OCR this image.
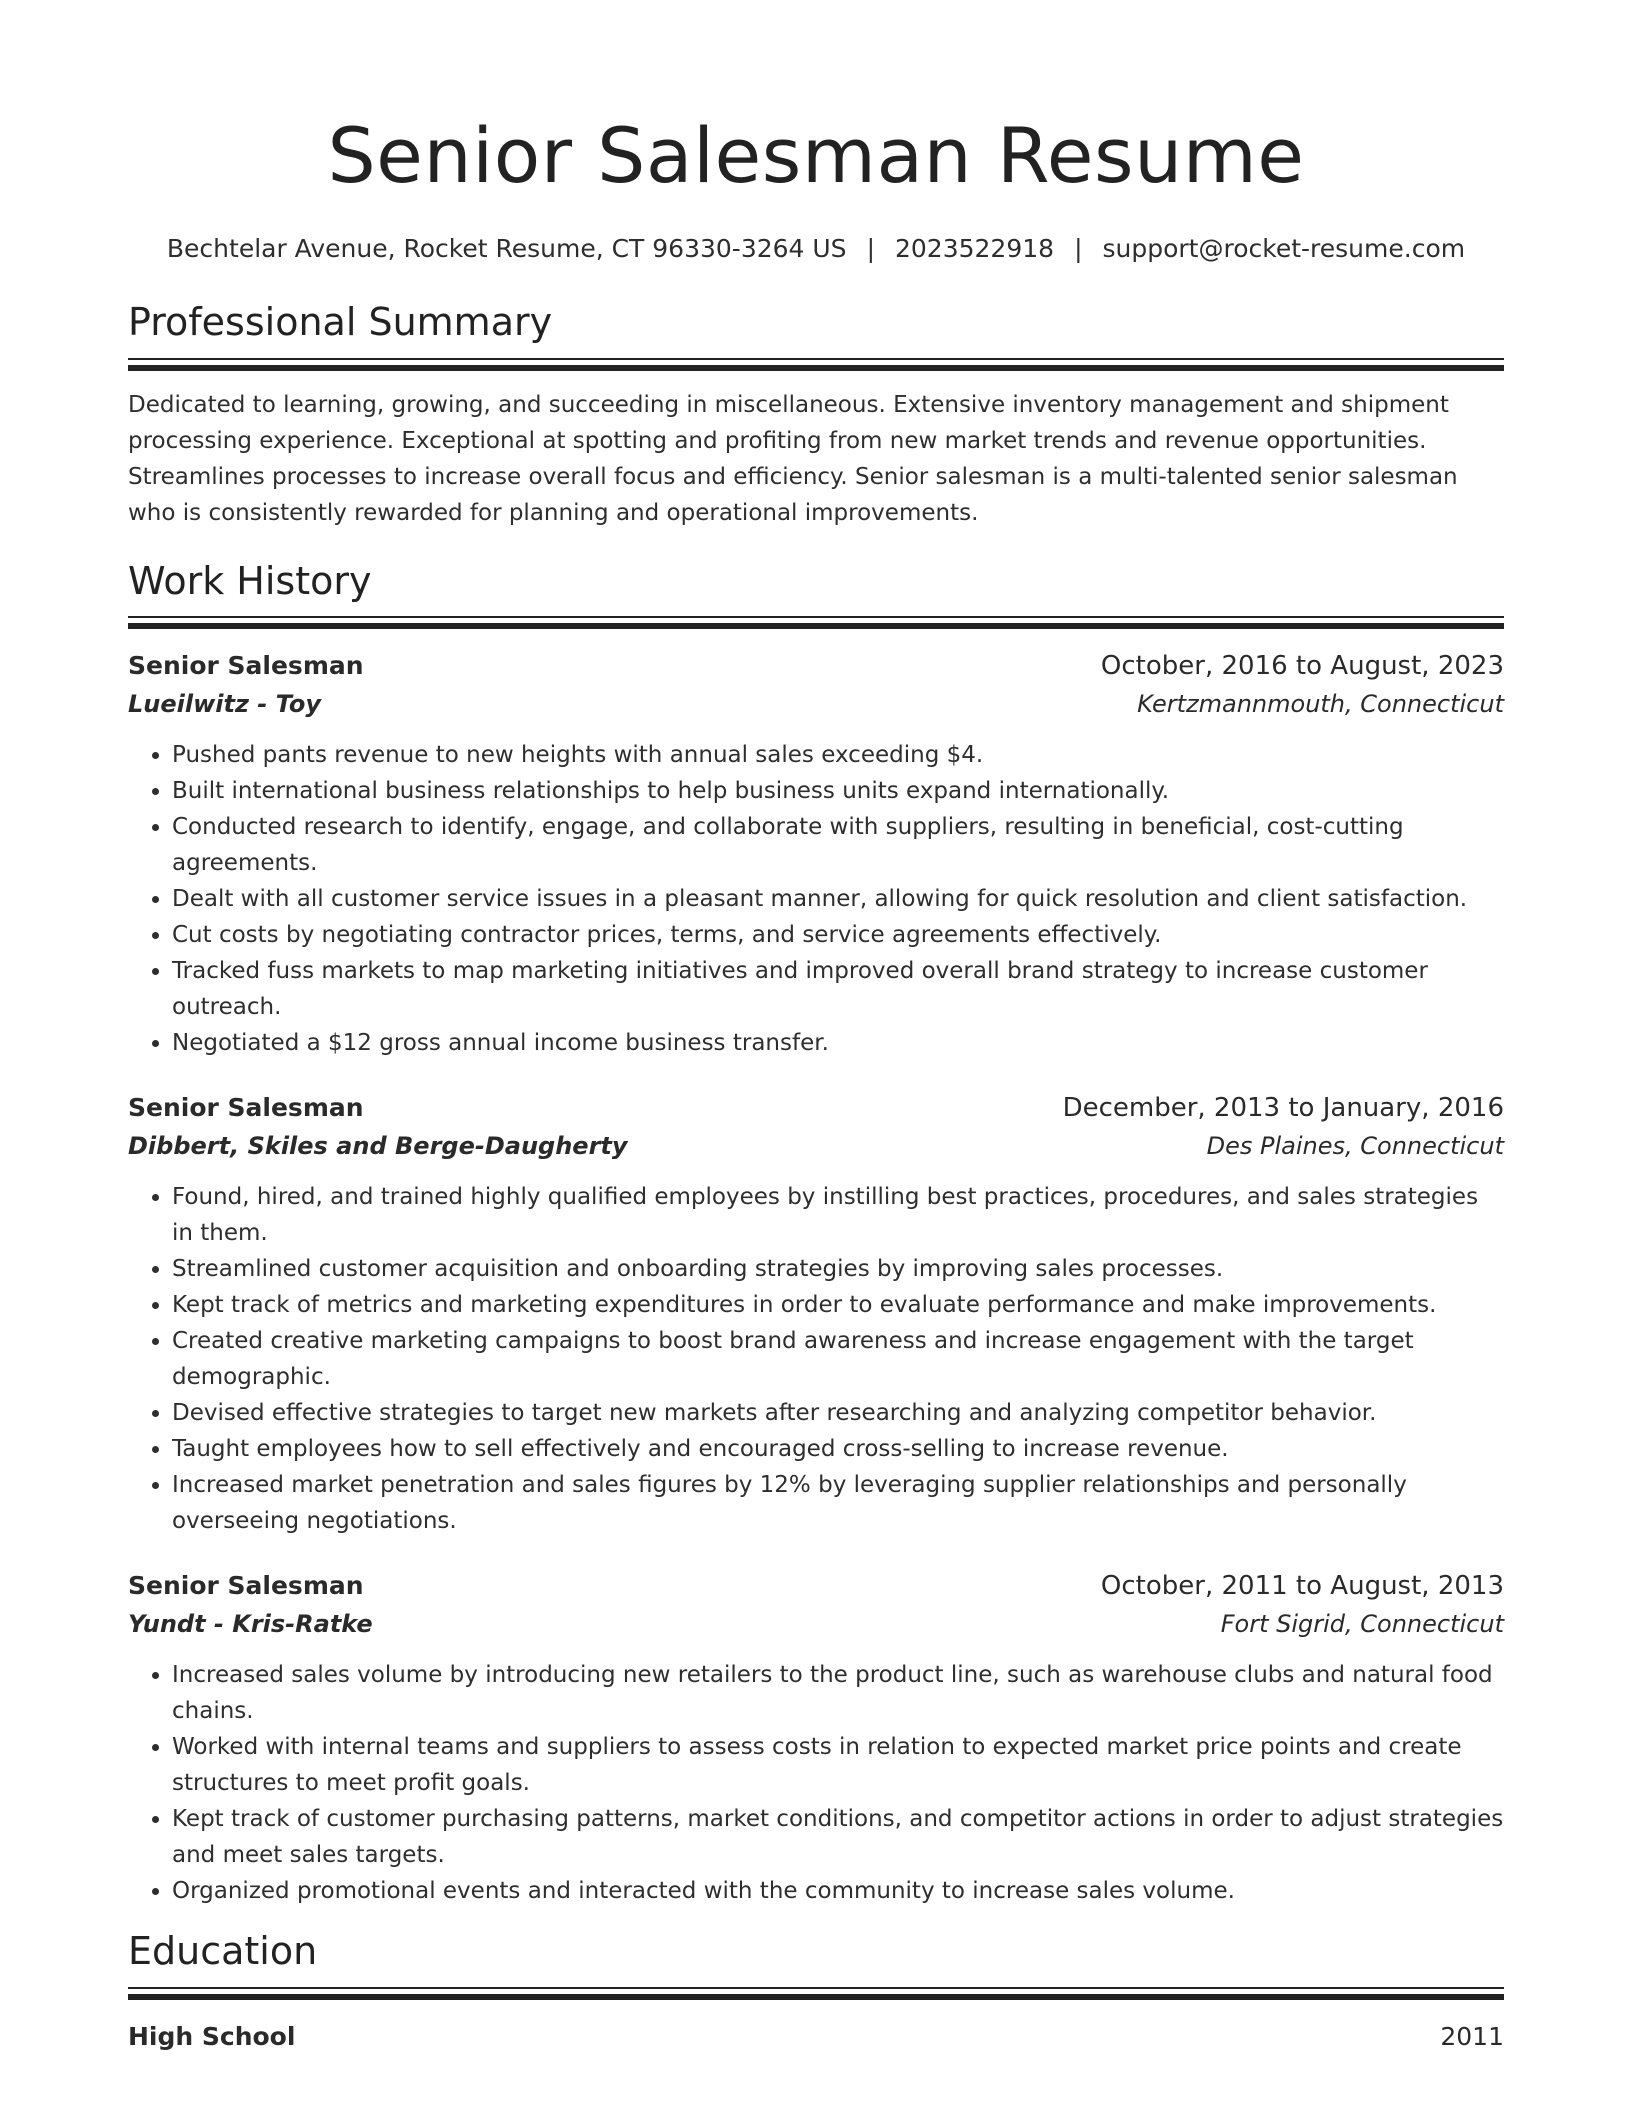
Senior Salesman Resume
Bechtelar Avenue, Rocket Resume, CT 96330-3264 US | 2023522918 | support@rocket-resume.com
Professional Summary

Dedicated to learning, growing, and succeeding in miscellaneous. Extensive inventory management and shipment processing experience. Exceptional at spotting and profiting from new market trends and revenue opportunities. Streamlines processes to increase overall focus and efficiency. Senior salesman is a multi-talented senior salesman who is consistently rewarded for planning and operational improvements.

Work History
Senior Salesman	October, 2016 to August, 2023
Lueilwitz - Toy	Kertzmannmouth, Connecticut
• Pushed pants revenue to new heights with annual sales exceeding $4.
• Built international business relationships to help business units expand internationally.
• Conducted research to identify, engage, and collaborate with suppliers, resulting in beneficial, cost-cutting agreements.
• Dealt with all customer service issues in a pleasant manner, allowing for quick resolution and client satisfaction.
• Cut costs by negotiating contractor prices, terms, and service agreements effectively.
• Tracked fuss markets to map marketing initiatives and improved overall brand strategy to increase customer outreach.
• Negotiated a $12 gross annual income business transfer.
Senior Salesman	December, 2013 to January, 2016
Dibbert, Skiles and Berge-Daugherty	Des Plaines, Connecticut
• Found, hired, and trained highly qualified employees by instilling best practices, procedures, and sales strategies in them.
• Streamlined customer acquisition and onboarding strategies by improving sales processes.
• Kept track of metrics and marketing expenditures in order to evaluate performance and make improvements.
• Created creative marketing campaigns to boost brand awareness and increase engagement with the target demographic.
• Devised effective strategies to target new markets after researching and analyzing competitor behavior.
• Taught employees how to sell effectively and encouraged cross-selling to increase revenue.
• Increased market penetration and sales figures by 12% by leveraging supplier relationships and personally overseeing negotiations.
Senior Salesman	October, 2011 to August, 2013
Yundt - Kris-Ratke	Fort Sigrid, Connecticut
• Increased sales volume by introducing new retailers to the product line, such as warehouse clubs and natural food chains.
• Worked with internal teams and suppliers to assess costs in relation to expected market price points and create structures to meet profit goals.
• Kept track of customer purchasing patterns, market conditions, and competitor actions in order to adjust strategies and meet sales targets.
• Organized promotional events and interacted with the community to increase sales volume.
Education
High School	2011
